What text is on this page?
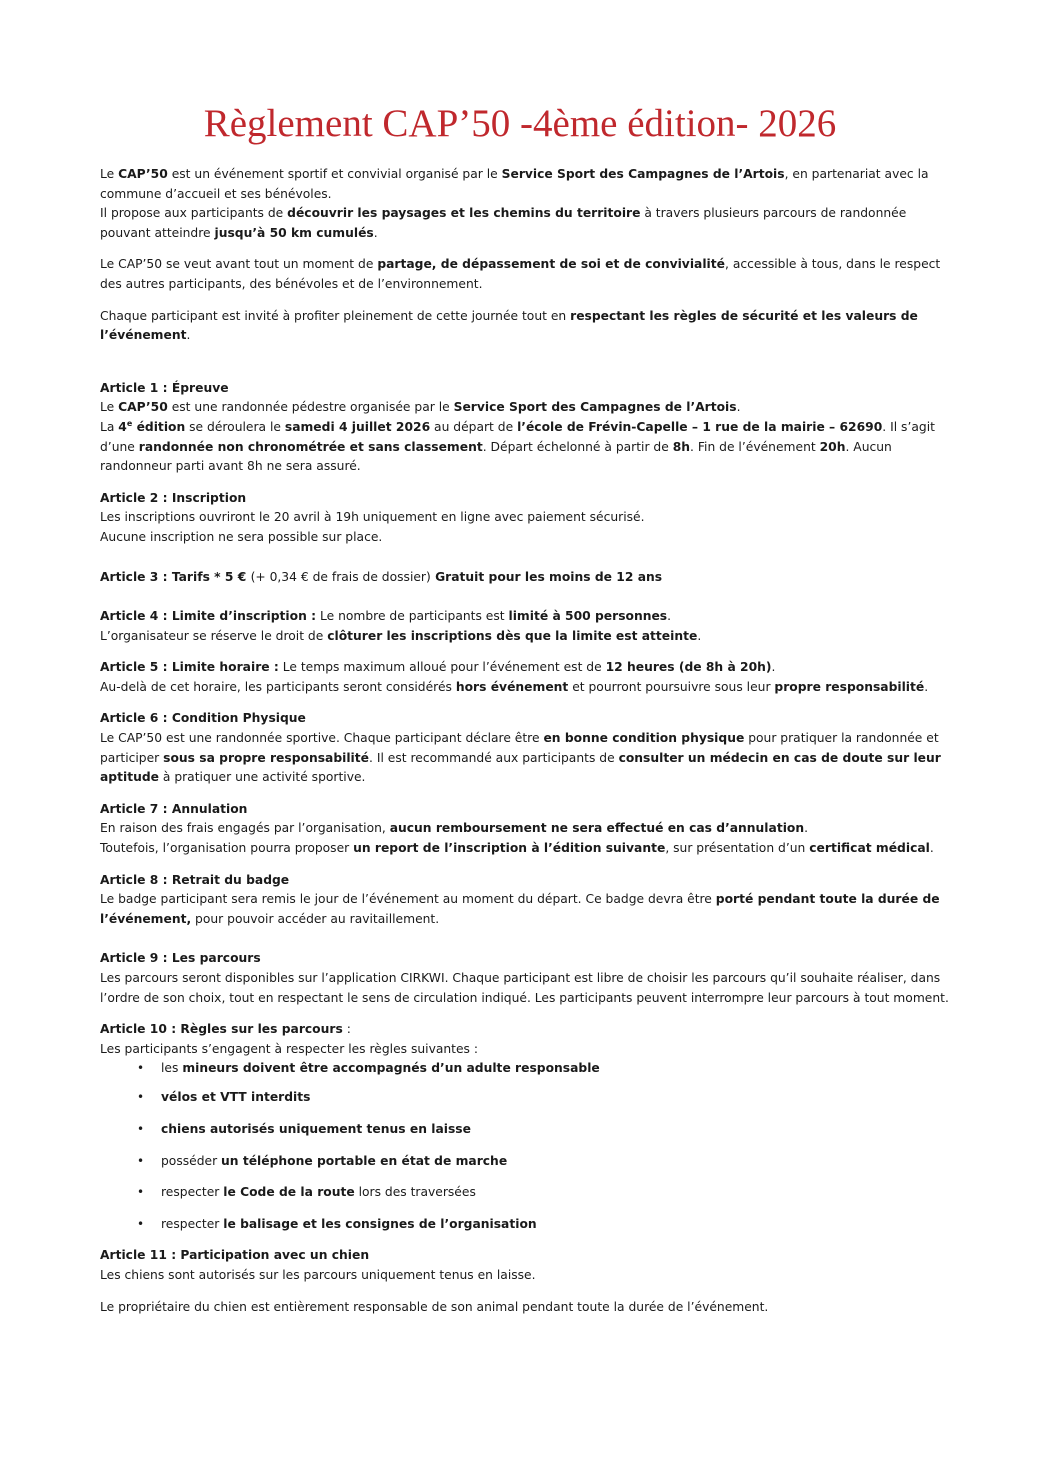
Règlement CAP’50 -4ème édition- 2026

Le CAP’50 est un événement sportif et convivial organisé par le Service Sport des Campagnes de l’Artois, en partenariat avec la commune d’accueil et ses bénévoles.

Il propose aux participants de découvrir les paysages et les chemins du territoire à travers plusieurs parcours de randonnée pouvant atteindre jusqu’à 50 km cumulés.

Le CAP’50 se veut avant tout un moment de partage, de dépassement de soi et de convivialité, accessible à tous, dans le respect des autres participants, des bénévoles et de l’environnement.

Chaque participant est invité à profiter pleinement de cette journée tout en respectant les règles de sécurité et les valeurs de l’événement.

Article 1 : Épreuve

Le CAP’50 est une randonnée pédestre organisée par le Service Sport des Campagnes de l’Artois.

La 4e édition se déroulera le samedi 4 juillet 2026 au départ de l’école de Frévin-Capelle – 1 rue de la mairie – 62690. Il s’agit d’une randonnée non chronométrée et sans classement. Départ échelonné à partir de 8h. Fin de l’événement 20h. Aucun randonneur parti avant 8h ne sera assuré.

Article 2 : Inscription

Les inscriptions ouvriront le 20 avril à 19h uniquement en ligne avec paiement sécurisé.

Aucune inscription ne sera possible sur place.

Article 3 : Tarifs * 5 € (+ 0,34 € de frais de dossier) Gratuit pour les moins de 12 ans

Article 4 : Limite d’inscription : Le nombre de participants est limité à 500 personnes.

L’organisateur se réserve le droit de clôturer les inscriptions dès que la limite est atteinte.

Article 5 : Limite horaire : Le temps maximum alloué pour l’événement est de 12 heures (de 8h à 20h).

Au-delà de cet horaire, les participants seront considérés hors événement et pourront poursuivre sous leur propre responsabilité.

Article 6 : Condition Physique

Le CAP’50 est une randonnée sportive. Chaque participant déclare être en bonne condition physique pour pratiquer la randonnée et participer sous sa propre responsabilité. Il est recommandé aux participants de consulter un médecin en cas de doute sur leur aptitude à pratiquer une activité sportive.

Article 7 : Annulation

En raison des frais engagés par l’organisation, aucun remboursement ne sera effectué en cas d’annulation.

Toutefois, l’organisation pourra proposer un report de l’inscription à l’édition suivante, sur présentation d’un certificat médical.

Article 8 : Retrait du badge

Le badge participant sera remis le jour de l’événement au moment du départ. Ce badge devra être porté pendant toute la durée de l’événement, pour pouvoir accéder au ravitaillement.

Article 9 : Les parcours

Les parcours seront disponibles sur l’application CIRKWI. Chaque participant est libre de choisir les parcours qu’il souhaite réaliser, dans l’ordre de son choix, tout en respectant le sens de circulation indiqué. Les participants peuvent interrompre leur parcours à tout moment.

Article 10 : Règles sur les parcours :

Les participants s’engagent à respecter les règles suivantes :

• les mineurs doivent être accompagnés d’un adulte responsable
• vélos et VTT interdits
• chiens autorisés uniquement tenus en laisse
• posséder un téléphone portable en état de marche
• respecter le Code de la route lors des traversées
• respecter le balisage et les consignes de l’organisation

Article 11 : Participation avec un chien

Les chiens sont autorisés sur les parcours uniquement tenus en laisse.

Le propriétaire du chien est entièrement responsable de son animal pendant toute la durée de l’événement.
